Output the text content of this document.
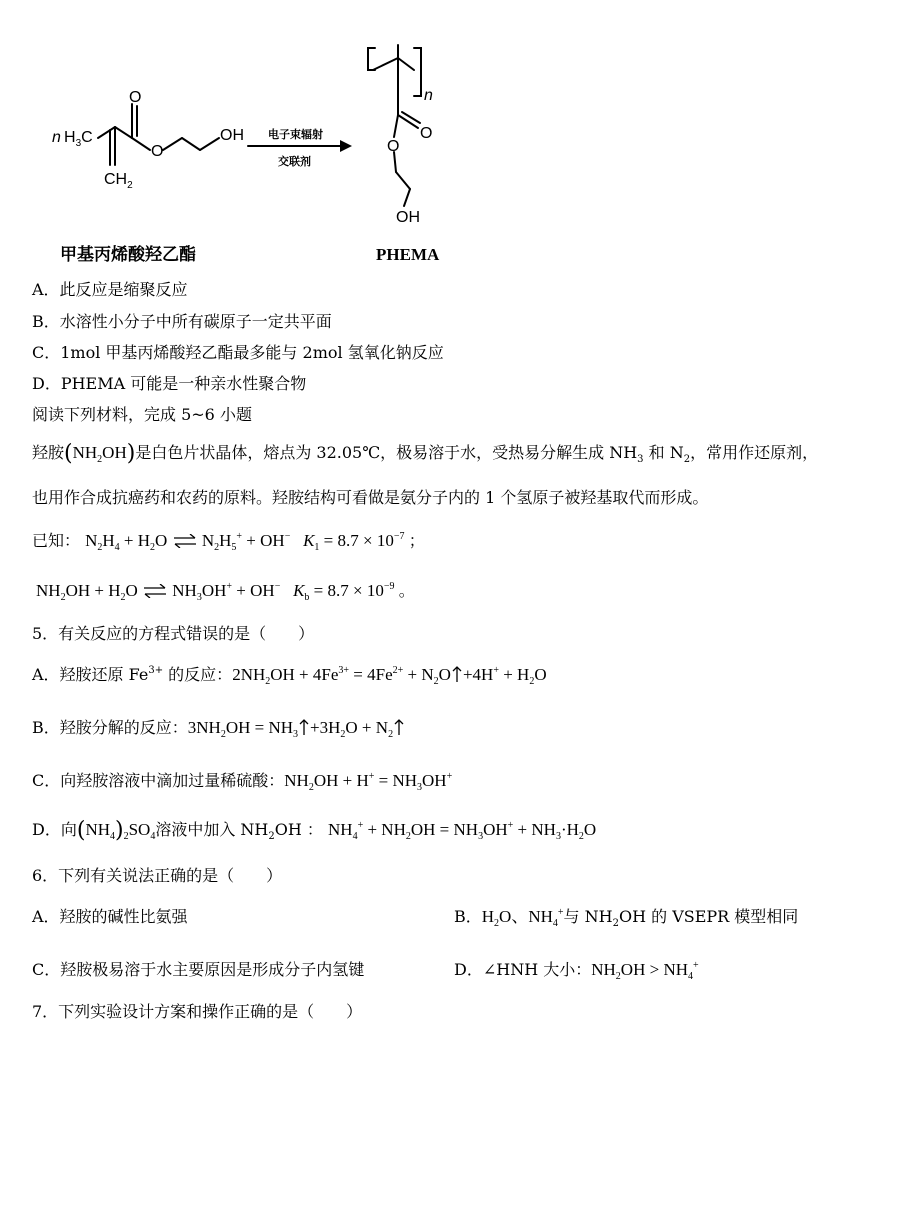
n $H_3C$
O
O
OH
$CH_2$
电子束辐射
交联剂
n
O
O
OH
甲基丙烯酸羟乙酯	PHEMA
A．此反应是缩聚反应
B．水溶性小分子中所有碳原子一定共平面
C．1mol 甲基丙烯酸羟乙酯最多能与 2mol 氢氧化钠反应
D．PHEMA 可能是一种亲水性聚合物
阅读下列材料，完成 5~6 小题
羟胺$(NH_2OH)$是白色片状晶体，熔点为 32.05℃，极易溶于水，受热易分解生成 $NH_3$ 和 $N_2$，常用作还原剂，
也用作合成抗癌药和农药的原料。羟胺结构可看做是氨分子内的 1 个氢原子被羟基取代而形成。
已知： $N_2H_4 + H_2O$ ⇌ $N_2H_5^+ + OH^-$ $K_1 = 8.7 \times 10^{-7}$ ；
$NH_2OH + H_2O$ ⇌ $NH_3OH^+ + OH^-$ $K_b = 8.7 \times 10^{-9}$ 。
5．有关反应的方程式错误的是（　　）
A．羟胺还原 $Fe^{3+}$ 的反应：$2NH_2OH + 4Fe^{3+} = 4Fe^{2+} + N_2O +4H^+ + H_2O$
B．羟胺分解的反应：$3NH_2OH = NH_3 +3H_2O + N_2$
C．向羟胺溶液中滴加过量稀硫酸：$NH_2OH + H^+ = NH_3OH^+$
D．向$(NH_4)_2SO_4$溶液中加入 $NH_2OH$ ： $NH_4^+ + NH_2OH = NH_3OH^+ + NH_3\cdot H_2O$
6．下列有关说法正确的是（　　）
A．羟胺的碱性比氨强	B．$H_2O$、$NH_4^+$与 $NH_2OH$ 的 VSEPR 模型相同
C．羟胺极易溶于水主要原因是形成分子内氢键	D．∠HNH 大小：$NH_2OH > NH_4^+$
7．下列实验设计方案和操作正确的是（　　）
